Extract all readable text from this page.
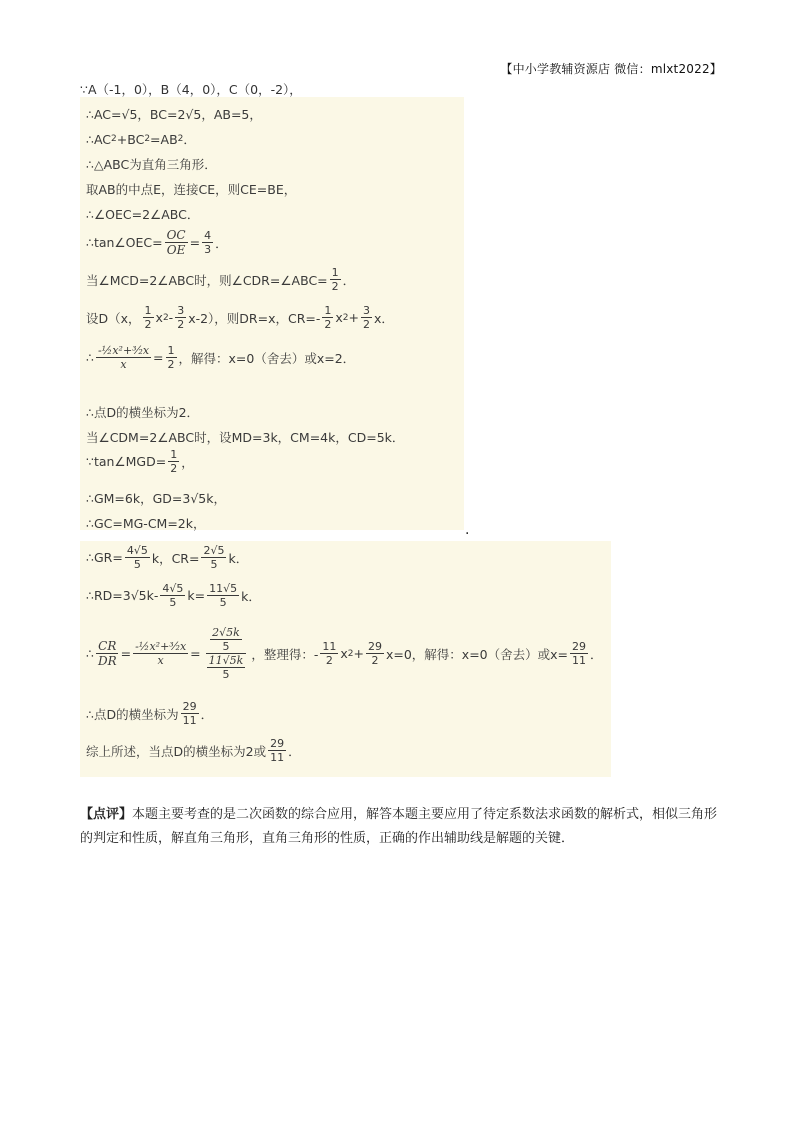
【中小学教辅资源店 微信：mlxt2022】
∵A（-1，0），B（4，0），C（0，-2），
∴AC=√5，BC=2√5，AB=5，
∴AC 2 +BC 2 =AB 2 ．
∴△ABC为直角三角形．
取AB的中点E，连接CE，则CE=BE，
∴∠OEC=2∠ABC．
∴tan∠OEC= $\frac{OC}{OE} = \frac{4}{3}$ ．
当∠MCD=2∠ABC时，则∠CDR=∠ABC= $\frac{1}{2}$ ．
设D（x， $\frac{1}{2}$ x $2 - \frac{3}{2} x-2$），则DR=x，$CR=- \frac{1}{2}$ x $2 + \frac{3}{2}$ x．
∴ $\frac{\text{-½x²+³⁄₂x}}{x} = \frac{1}{2}$ ，解得：x=0（舍去）或x=2．
∴点D的横坐标为2．
当∠CDM=2∠ABC时，设MD=3k，CM=4k，CD=5k．
∵tan∠MGD= $\frac{1}{2}$ ，
∴GM=6k，GD=3√5k，
∴GC=MG-CM=2k，	.
∴GR= $\frac{4√5}{5}$ k，$CR= \frac{2√5}{5}$ k．
∴RD=3√5k- $\frac{4√5}{5} k= \frac{11√5}{5}$ k．
∴ $\frac{CR}{DR} = \frac{\text{-½x²+³⁄₂x}}{x} = \frac{\frac{2√5k}{5}}{\frac{11√5k}{5}}$ ，整理得：- $\frac{11}{2}$ x $2 + \frac{29}{2} x=0$，解得：x=0（舍去）或$x= \frac{29}{11}$ ．
∴点D的横坐标为 $\frac{29}{11}$ ．
综上所述，当点D的横坐标为2或 $\frac{29}{11}$ ．
【点评】本题主要考查的是二次函数的综合应用，解答本题主要应用了待定系数法求函数的解析式，相似三角形的判定和性质，解直角三角形，直角三角形的性质，正确的作出辅助线是解题的关键．
